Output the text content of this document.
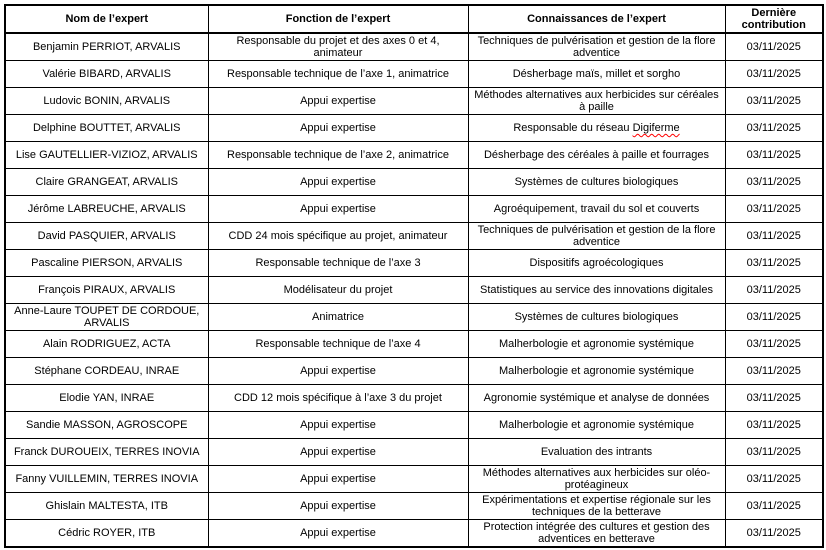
Nom de l’expert	Fonction de l’expert	Connaissances de l’expert	Dernière contribution
Benjamin PERRIOT, ARVALIS	Responsable du projet et des axes 0 et 4, animateur	Techniques de pulvérisation et gestion de la flore adventice	03/11/2025
Valérie BIBARD, ARVALIS	Responsable technique de l’axe 1, animatrice	Désherbage maïs, millet et sorgho	03/11/2025
Ludovic BONIN, ARVALIS	Appui expertise	Méthodes alternatives aux herbicides sur céréales à paille	03/11/2025
Delphine BOUTTET, ARVALIS	Appui expertise	Responsable du réseau Digiferme	03/11/2025
Lise GAUTELLIER-VIZIOZ, ARVALIS	Responsable technique de l’axe 2, animatrice	Désherbage des céréales à paille et fourrages	03/11/2025
Claire GRANGEAT, ARVALIS	Appui expertise	Systèmes de cultures biologiques	03/11/2025
Jérôme LABREUCHE, ARVALIS	Appui expertise	Agroéquipement, travail du sol et couverts	03/11/2025
David PASQUIER, ARVALIS	CDD 24 mois spécifique au projet, animateur	Techniques de pulvérisation et gestion de la flore adventice	03/11/2025
Pascaline PIERSON, ARVALIS	Responsable technique de l’axe 3	Dispositifs agroécologiques	03/11/2025
François PIRAUX, ARVALIS	Modélisateur du projet	Statistiques au service des innovations digitales	03/11/2025
Anne-Laure TOUPET DE CORDOUE, ARVALIS	Animatrice	Systèmes de cultures biologiques	03/11/2025
Alain RODRIGUEZ, ACTA	Responsable technique de l’axe 4	Malherbologie et agronomie systémique	03/11/2025
Stéphane CORDEAU, INRAE	Appui expertise	Malherbologie et agronomie systémique	03/11/2025
Elodie YAN, INRAE	CDD 12 mois spécifique à l’axe 3 du projet	Agronomie systémique et analyse de données	03/11/2025
Sandie MASSON, AGROSCOPE	Appui expertise	Malherbologie et agronomie systémique	03/11/2025
Franck DUROUEIX, TERRES INOVIA	Appui expertise	Evaluation des intrants	03/11/2025
Fanny VUILLEMIN, TERRES INOVIA	Appui expertise	Méthodes alternatives aux herbicides sur oléo-protéagineux	03/11/2025
Ghislain MALTESTA, ITB	Appui expertise	Expérimentations et expertise régionale sur les techniques de la betterave	03/11/2025
Cédric ROYER, ITB	Appui expertise	Protection intégrée des cultures et gestion des adventices en betterave	03/11/2025
